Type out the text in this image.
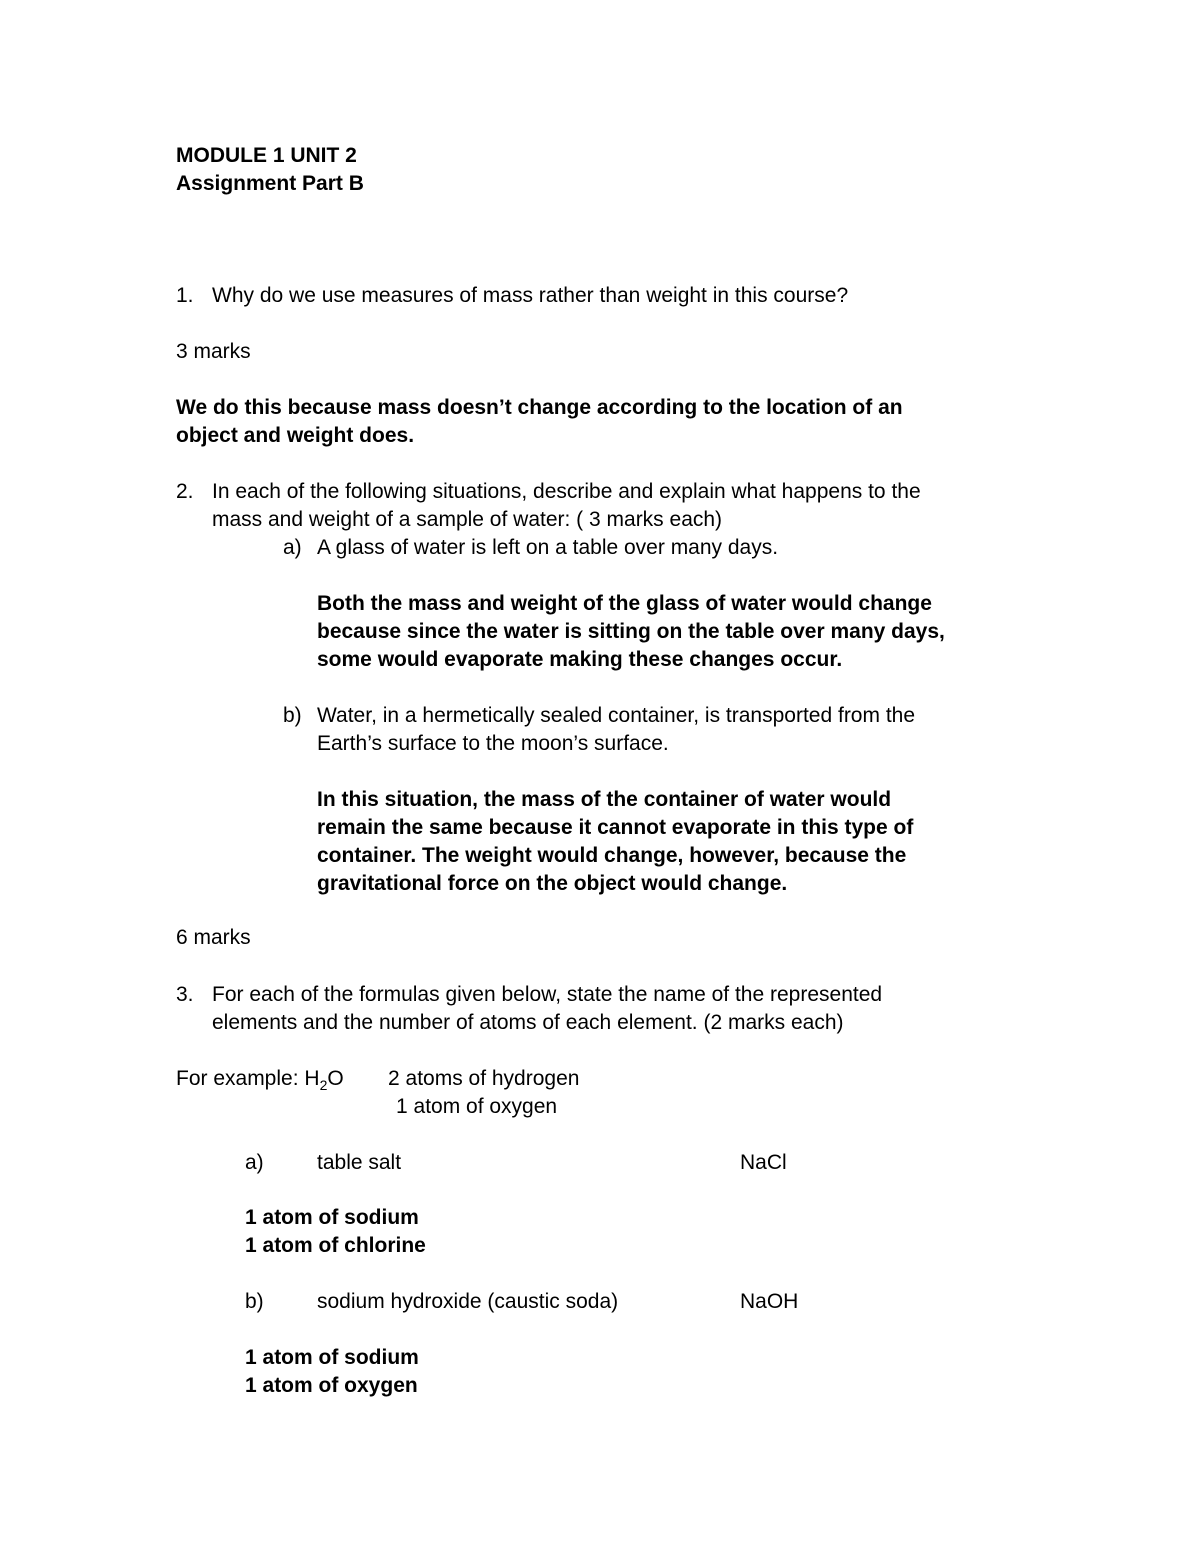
MODULE 1 UNIT 2
Assignment Part B
1. Why do we use measures of mass rather than weight in this course?
3 marks
We do this because mass doesn’t change according to the location of an
object and weight does.
2. In each of the following situations, describe and explain what happens to the
mass and weight of a sample of water: ( 3 marks each)
a) A glass of water is left on a table over many days.
Both the mass and weight of the glass of water would change
because since the water is sitting on the table over many days,
some would evaporate making these changes occur.
b) Water, in a hermetically sealed container, is transported from the
Earth’s surface to the moon’s surface.
In this situation, the mass of the container of water would
remain the same because it cannot evaporate in this type of
container. The weight would change, however, because the
gravitational force on the object would change.
6 marks
3. For each of the formulas given below, state the name of the represented
elements and the number of atoms of each element. (2 marks each)
For example: $H_2O$ 2 atoms of hydrogen
1 atom of oxygen
a)	table salt	NaCl
1 atom of sodium
1 atom of chlorine
b)	sodium hydroxide (caustic soda)	NaOH
1 atom of sodium
1 atom of oxygen
